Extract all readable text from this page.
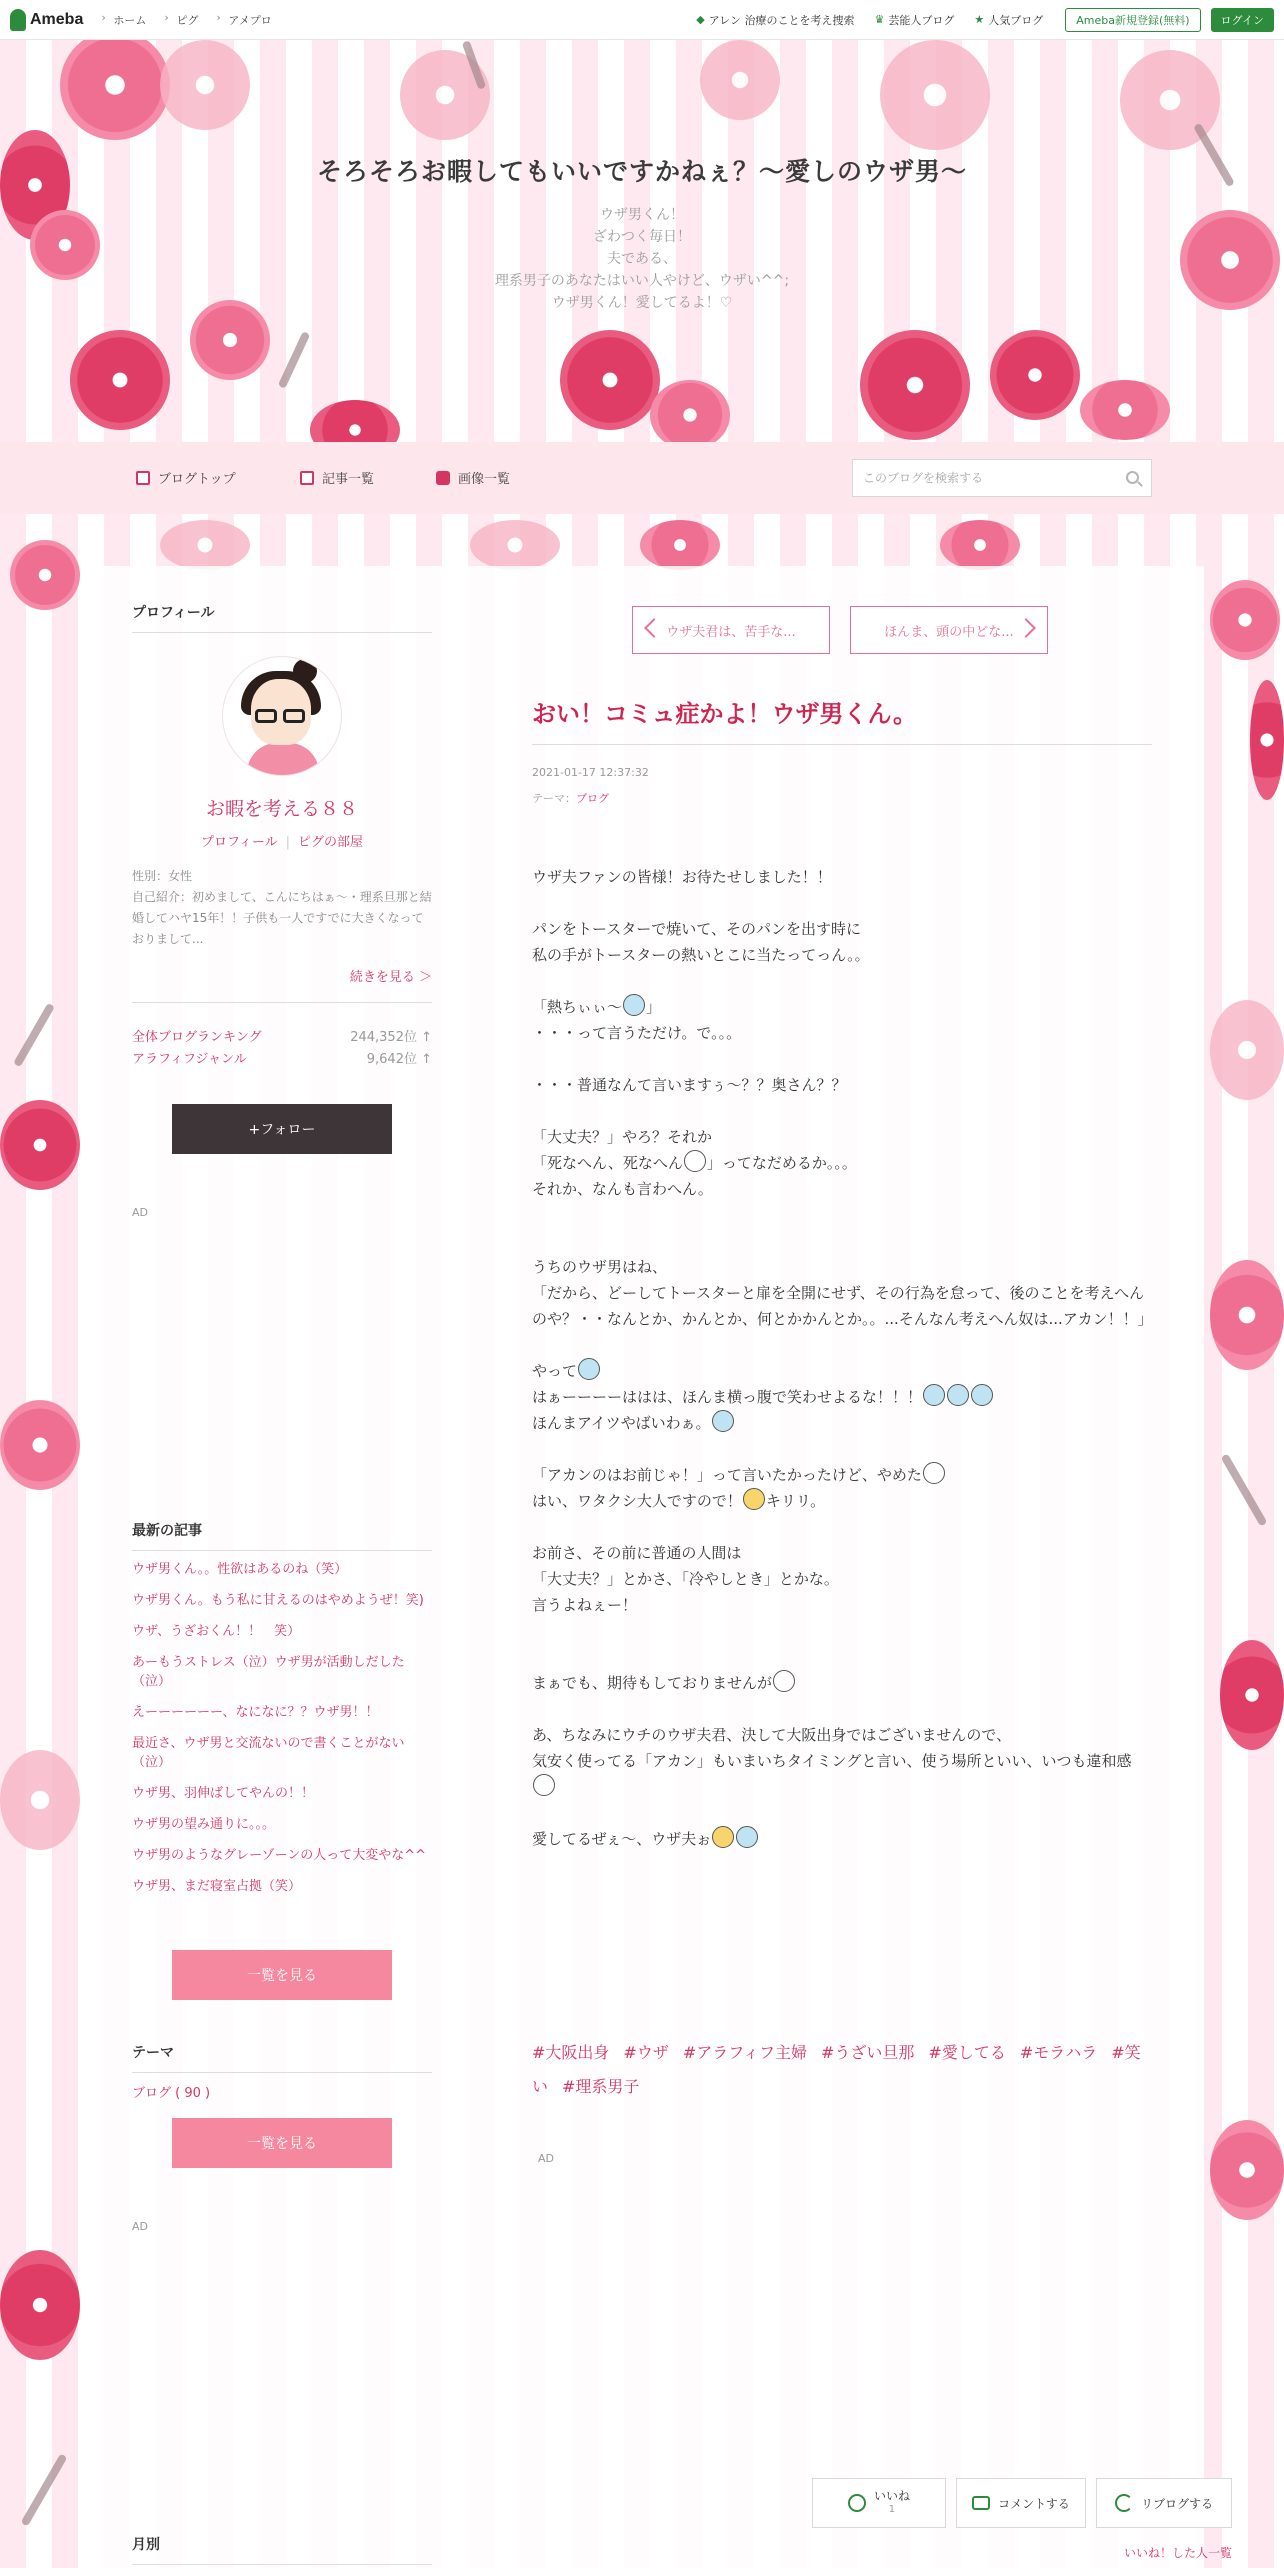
Ameba	› ホーム	› ピグ	› アメプロ	◆ アレン 治療のことを考え捜索 ♛ 芸能人ブログ ★ 人気ブログ	Ameba新規登録(無料)	ログイン
そろそろお暇してもいいですかねぇ？〜愛しのウザ男〜
ウザ男くん！
ざわつく毎日！
夫である、
理系男子のあなたはいい人やけど、ウザい^^;
ウザ男くん！愛してるよ！♡
ブログトップ	記事一覧	画像一覧
このブログを検索する
プロフィール
お暇を考える８８
プロフィール | ピグの部屋
性別：女性
自己紹介：初めまして、こんにちはぁ〜・理系旦那と結婚してハヤ15年！！子供も一人ですでに大きくなっておりまして...
続きを見る ＞
全体ブログランキング	244,352位 ↑
アラフィフジャンル	9,642位 ↑
+フォロー
AD
最新の記事
ウザ男くん。。性欲はあるのね（笑）
ウザ男くん。もう私に甘えるのはやめようぜ！笑)
ウザ、うざおくん！！　笑）
あーもうストレス（泣）ウザ男が活動しだした（泣）
えーーーーーー、なになに？？ウザ男！！
最近さ、ウザ男と交流ないので書くことがない（泣）
ウザ男、羽伸ばしてやんの！！
ウザ男の望み通りに。。。
ウザ男のようなグレーゾーンの人って大変やな^^
ウザ男、まだ寝室占拠（笑）
一覧を見る
テーマ
ブログ ( 90 )
一覧を見る
AD
月別
ウザ夫君は、苦手な...	ほんま、頭の中どな...
おい！コミュ症かよ！ウザ男くん。
2021-01-17 12:37:32
テーマ：ブログ

ウザ夫ファンの皆様！お待たせしました！！

パンをトースターで焼いて、そのパンを出す時に

私の手がトースターの熱いとこに当たってっん。。

「熱ちぃぃ〜 」

・・・って言うただけ。で。。。

・・・普通なんて言いますぅ〜？？奥さん？？

「大丈夫？」やろ？それか

「死なへん、死なへん 」ってなだめるか。。。

それか、なんも言わへん。

うちのウザ男はね、

「だから、どーしてトースターと扉を全開にせず、その行為を怠って、後のことを考えへんのや？・・なんとか、かんとか、何とかかんとか。。...そんなん考えへん奴は...アカン！！」

やって

はぁーーーーははは、ほんま横っ腹で笑わせよるな！！！

ほんまアイツやばいわぁ。

「アカンのはお前じゃ！」って言いたかったけど、やめた

はい、ワタクシ大人ですので！ キリリ。

お前さ、その前に普通の人間は

「大丈夫？」とかさ、「冷やしとき」とかな。

言うよねぇー！

まぁでも、期待もしておりませんが

あ、ちなみにウチのウザ夫君、決して大阪出身ではございませんので、

気安く使ってる「アカン」もいまいちタイミングと言い、使う場所といい、いつも違和感

愛してるぜぇ〜、ウザ夫ぉ

#大阪出身 #ウザ #アラフィフ主婦 #うざい旦那 #愛してる #モラハラ #笑い #理系男子
AD
いいね
1	コメントする	リブログする
いいね！した人一覧
